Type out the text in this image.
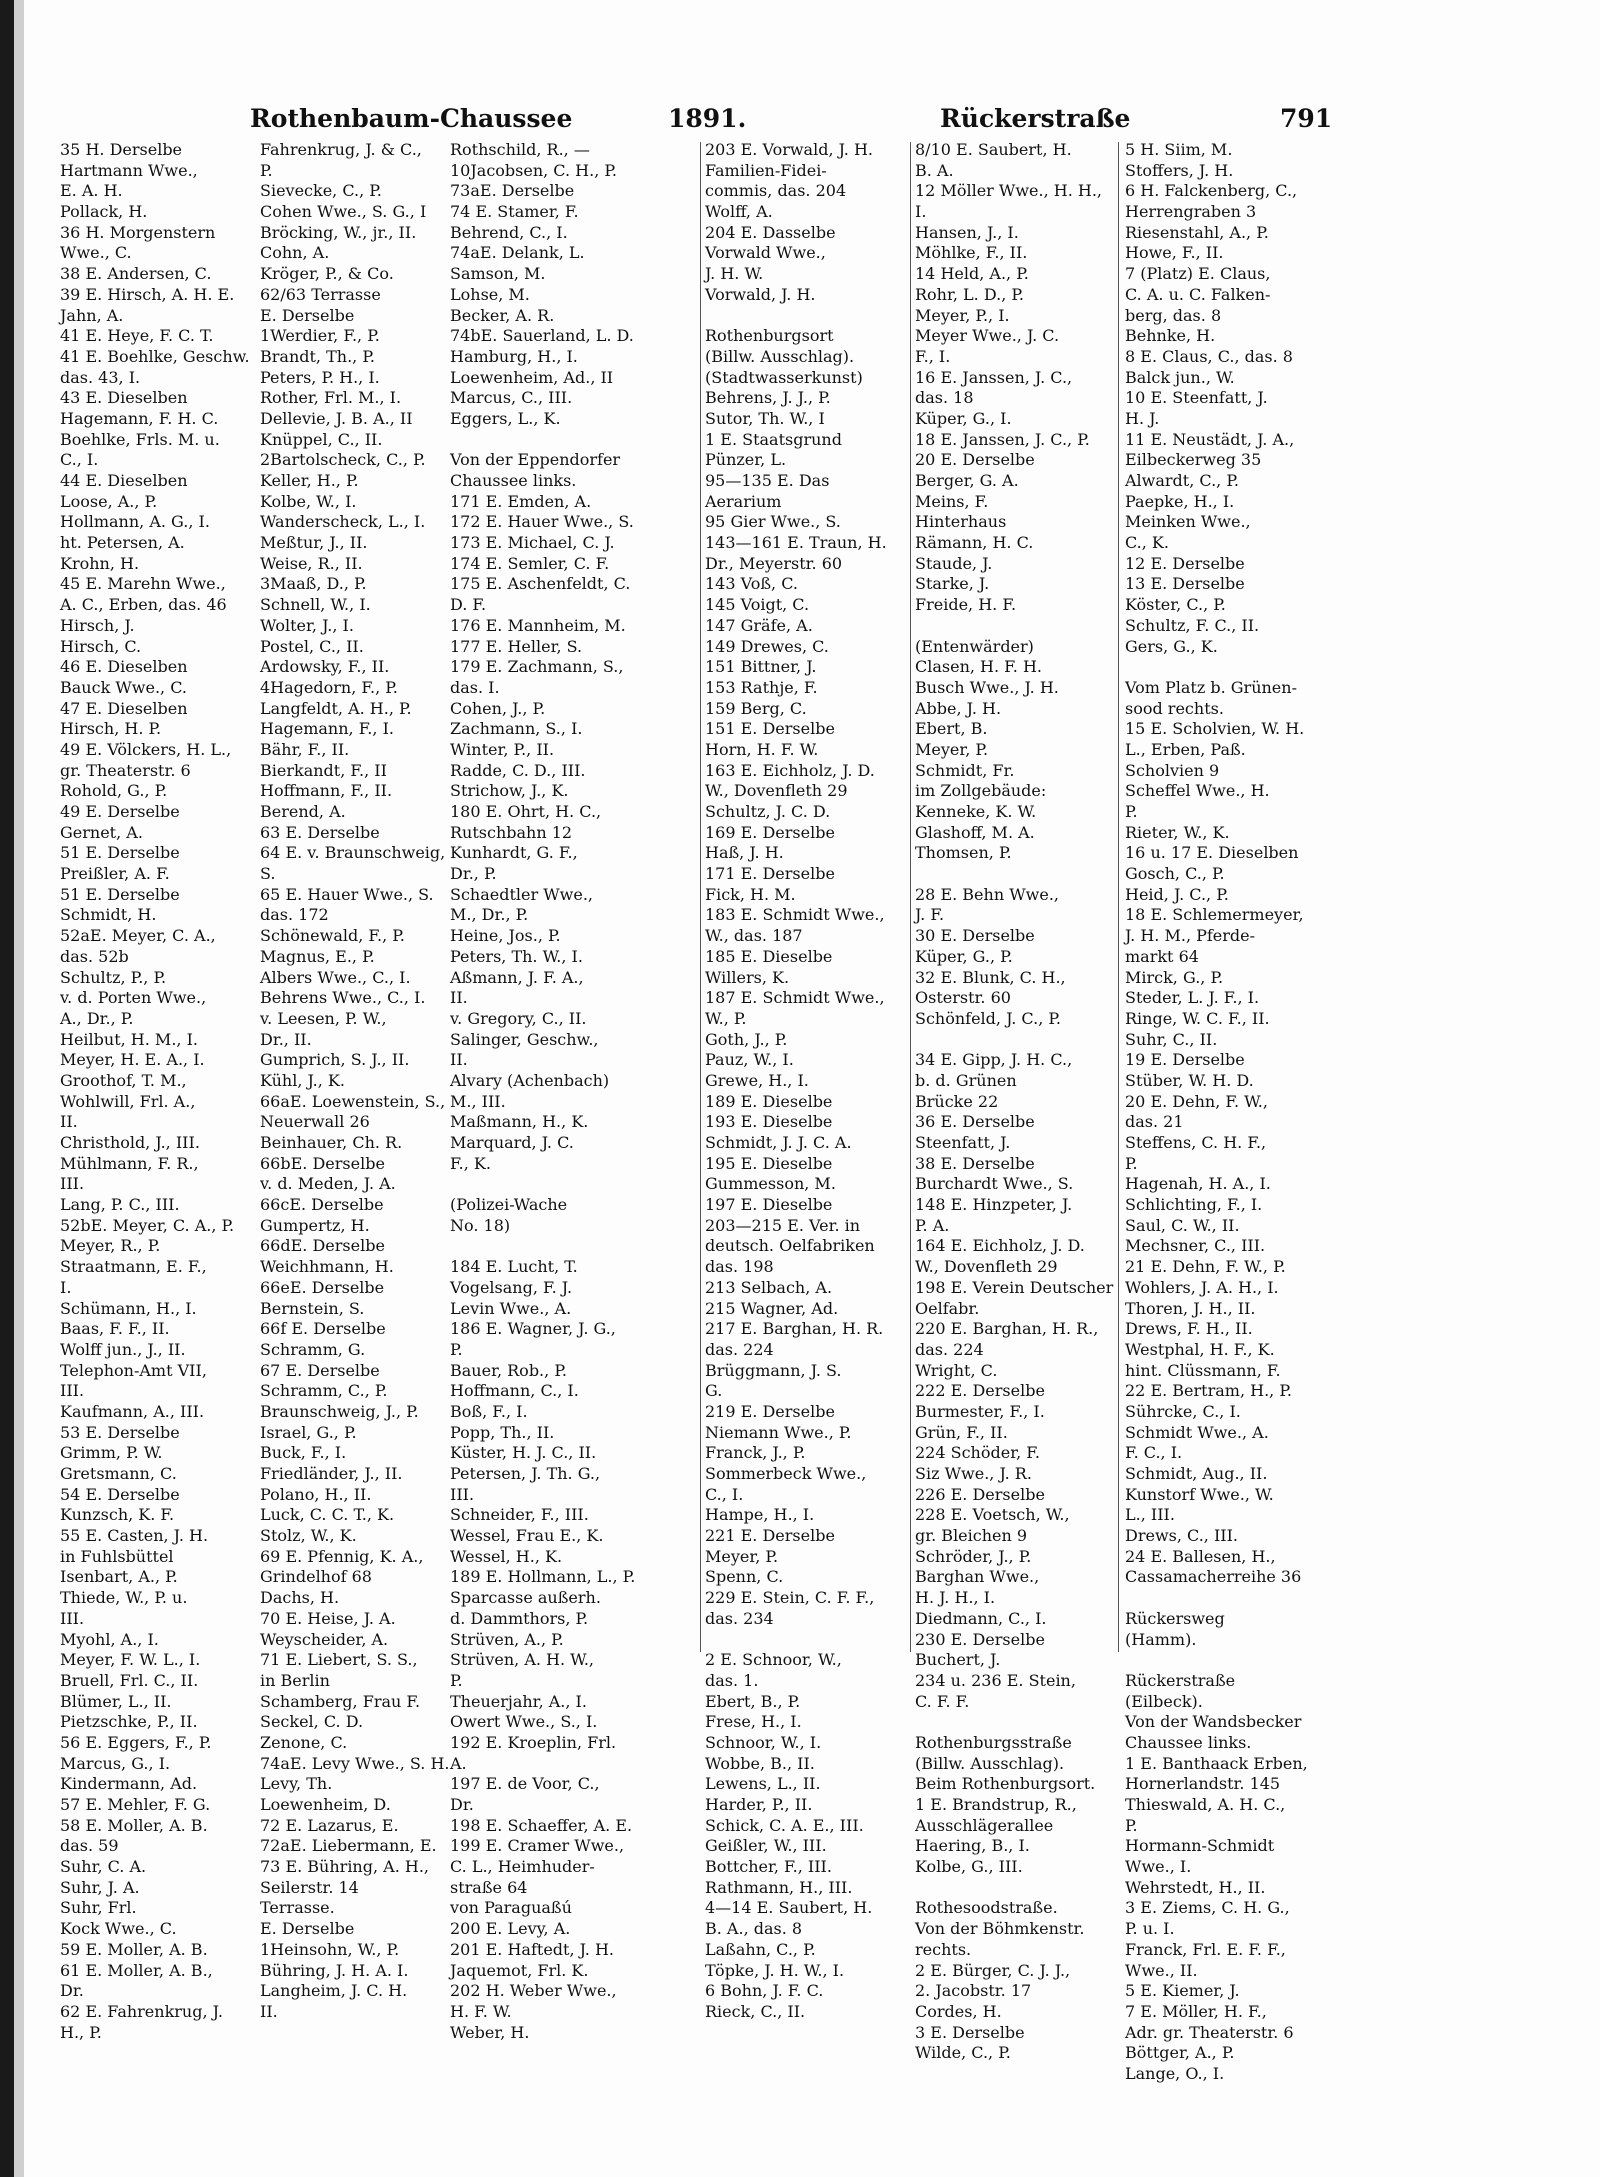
Rothenbaum-Chaussee	1891.	Rückerstraße	791
35 H. Derselbe
Hartmann Wwe.,
E. A. H.
Pollack, H.
36 H. Morgenstern
Wwe., C.
38 E. Andersen, C.
39 E. Hirsch, A. H. E.
Jahn, A.
41 E. Heye, F. C. T.
41 E. Boehlke, Geschw.
das. 43, I.
43 E. Dieselben
Hagemann, F. H. C.
Boehlke, Frls. M. u.
C., I.
44 E. Dieselben
Loose, A., P.
Hollmann, A. G., I.
ht. Petersen, A.
Krohn, H.
45 E. Marehn Wwe.,
A. C., Erben, das. 46
Hirsch, J.
Hirsch, C.
46 E. Dieselben
Bauck Wwe., C.
47 E. Dieselben
Hirsch, H. P.
49 E. Völckers, H. L.,
gr. Theaterstr. 6
Rohold, G., P.
49 E. Derselbe
Gernet, A.
51 E. Derselbe
Preißler, A. F.
51 E. Derselbe
Schmidt, H.
52aE. Meyer, C. A.,
das. 52b
Schultz, P., P.
v. d. Porten Wwe.,
A., Dr., P.
Heilbut, H. M., I.
Meyer, H. E. A., I.
Groothof, T. M.,
Wohlwill, Frl. A.,
II.
Christhold, J., III.
Mühlmann, F. R.,
III.
Lang, P. C., III.
52bE. Meyer, C. A., P.
Meyer, R., P.
Straatmann, E. F.,
I.
Schümann, H., I.
Baas, F. F., II.
Wolff jun., J., II.
Telephon-Amt VII,
III.
Kaufmann, A., III.
53 E. Derselbe
Grimm, P. W.
Gretsmann, C.
54 E. Derselbe
Kunzsch, K. F.
55 E. Casten, J. H.
in Fuhlsbüttel
Isenbart, A., P.
Thiede, W., P. u.
III.
Myohl, A., I.
Meyer, F. W. L., I.
Bruell, Frl. C., II.
Blümer, L., II.
Pietzschke, P., II.
56 E. Eggers, F., P.
Marcus, G., I.
Kindermann, Ad.
57 E. Mehler, F. G.
58 E. Moller, A. B.
das. 59
Suhr, C. A.
Suhr, J. A.
Suhr, Frl.
Kock Wwe., C.
59 E. Moller, A. B.
61 E. Moller, A. B.,
Dr.
62 E. Fahrenkrug, J.
H., P.
Fahrenkrug, J. & C.,
P.
Sievecke, C., P.
Cohen Wwe., S. G., I
Bröcking, W., jr., II.
Cohn, A.
Kröger, P., & Co.
62/63 Terrasse
E. Derselbe
1Werdier, F., P.
Brandt, Th., P.
Peters, P. H., I.
Rother, Frl. M., I.
Dellevie, J. B. A., II
Knüppel, C., II.
2Bartolscheck, C., P.
Keller, H., P.
Kolbe, W., I.
Wanderscheck, L., I.
Meßtur, J., II.
Weise, R., II.
3Maaß, D., P.
Schnell, W., I.
Wolter, J., I.
Postel, C., II.
Ardowsky, F., II.
4Hagedorn, F., P.
Langfeldt, A. H., P.
Hagemann, F., I.
Bähr, F., II.
Bierkandt, F., II
Hoffmann, F., II.
Berend, A.
63 E. Derselbe
64 E. v. Braunschweig,
S.
65 E. Hauer Wwe., S.
das. 172
Schönewald, F., P.
Magnus, E., P.
Albers Wwe., C., I.
Behrens Wwe., C., I.
v. Leesen, P. W.,
Dr., II.
Gumprich, S. J., II.
Kühl, J., K.
66aE. Loewenstein, S.,
Neuerwall 26
Beinhauer, Ch. R.
66bE. Derselbe
v. d. Meden, J. A.
66cE. Derselbe
Gumpertz, H.
66dE. Derselbe
Weichhmann, H.
66eE. Derselbe
Bernstein, S.
66f E. Derselbe
Schramm, G.
67 E. Derselbe
Schramm, C., P.
Braunschweig, J., P.
Israel, G., P.
Buck, F., I.
Friedländer, J., II.
Polano, H., II.
Luck, C. C. T., K.
Stolz, W., K.
69 E. Pfennig, K. A.,
Grindelhof 68
Dachs, H.
70 E. Heise, J. A.
Weyscheider, A.
71 E. Liebert, S. S.,
in Berlin
Schamberg, Frau F.
Seckel, C. D.
Zenone, C.
74aE. Levy Wwe., S. H.
Levy, Th.
Loewenheim, D.
72 E. Lazarus, E.
72aE. Liebermann, E.
73 E. Bühring, A. H.,
Seilerstr. 14
Terrasse.
E. Derselbe
1Heinsohn, W., P.
Bühring, J. H. A. I.
Langheim, J. C. H.
II.
Rothschild, R., —
10Jacobsen, C. H., P.
73aE. Derselbe
74 E. Stamer, F.
Behrend, C., I.
74aE. Delank, L.
Samson, M.
Lohse, M.
Becker, A. R.
74bE. Sauerland, L. D.
Hamburg, H., I.
Loewenheim, Ad., II
Marcus, C., III.
Eggers, L., K.
Von der Eppendorfer
Chaussee links.
171 E. Emden, A.
172 E. Hauer Wwe., S.
173 E. Michael, C. J.
174 E. Semler, C. F.
175 E. Aschenfeldt, C.
D. F.
176 E. Mannheim, M.
177 E. Heller, S.
179 E. Zachmann, S.,
das. I.
Cohen, J., P.
Zachmann, S., I.
Winter, P., II.
Radde, C. D., III.
Strichow, J., K.
180 E. Ohrt, H. C.,
Rutschbahn 12
Kunhardt, G. F.,
Dr., P.
Schaedtler Wwe.,
M., Dr., P.
Heine, Jos., P.
Peters, Th. W., I.
Aßmann, J. F. A.,
II.
v. Gregory, C., II.
Salinger, Geschw.,
II.
Alvary (Achenbach)
M., III.
Maßmann, H., K.
Marquard, J. C.
F., K.
(Polizei-Wache
No. 18)
184 E. Lucht, T.
Vogelsang, F. J.
Levin Wwe., A.
186 E. Wagner, J. G.,
P.
Bauer, Rob., P.
Hoffmann, C., I.
Boß, F., I.
Popp, Th., II.
Küster, H. J. C., II.
Petersen, J. Th. G.,
III.
Schneider, F., III.
Wessel, Frau E., K.
Wessel, H., K.
189 E. Hollmann, L., P.
Sparcasse außerh.
d. Dammthors, P.
Strüven, A., P.
Strüven, A. H. W.,
P.
Theuerjahr, A., I.
Owert Wwe., S., I.
192 E. Kroeplin, Frl.
A.
197 E. de Voor, C.,
Dr.
198 E. Schaeffer, A. E.
199 E. Cramer Wwe.,
C. L., Heimhuder-
straße 64
von Paraguaßú
200 E. Levy, A.
201 E. Haftedt, J. H.
Jaquemot, Frl. K.
202 H. Weber Wwe.,
H. F. W.
Weber, H.
203 E. Vorwald, J. H.
Familien-Fidei-
commis, das. 204
Wolff, A.
204 E. Dasselbe
Vorwald Wwe.,
J. H. W.
Vorwald, J. H.
Rothenburgsort
(Billw. Ausschlag).
(Stadtwasserkunst)
Behrens, J. J., P.
Sutor, Th. W., I
1 E. Staatsgrund
Pünzer, L.
95—135 E. Das
Aerarium
95 Gier Wwe., S.
143—161 E. Traun, H.
Dr., Meyerstr. 60
143 Voß, C.
145 Voigt, C.
147 Gräfe, A.
149 Drewes, C.
151 Bittner, J.
153 Rathje, F.
159 Berg, C.
151 E. Derselbe
Horn, H. F. W.
163 E. Eichholz, J. D.
W., Dovenfleth 29
Schultz, J. C. D.
169 E. Derselbe
Haß, J. H.
171 E. Derselbe
Fick, H. M.
183 E. Schmidt Wwe.,
W., das. 187
185 E. Dieselbe
Willers, K.
187 E. Schmidt Wwe.,
W., P.
Goth, J., P.
Pauz, W., I.
Grewe, H., I.
189 E. Dieselbe
193 E. Dieselbe
Schmidt, J. J. C. A.
195 E. Dieselbe
Gummesson, M.
197 E. Dieselbe
203—215 E. Ver. in
deutsch. Oelfabriken
das. 198
213 Selbach, A.
215 Wagner, Ad.
217 E. Barghan, H. R.
das. 224
Brüggmann, J. S.
G.
219 E. Derselbe
Niemann Wwe., P.
Franck, J., P.
Sommerbeck Wwe.,
C., I.
Hampe, H., I.
221 E. Derselbe
Meyer, P.
Spenn, C.
229 E. Stein, C. F. F.,
das. 234
2 E. Schnoor, W.,
das. 1.
Ebert, B., P.
Frese, H., I.
Schnoor, W., I.
Wobbe, B., II.
Lewens, L., II.
Harder, P., II.
Schick, C. A. E., III.
Geißler, W., III.
Bottcher, F., III.
Rathmann, H., III.
4—14 E. Saubert, H.
B. A., das. 8
Laßahn, C., P.
Töpke, J. H. W., I.
6 Bohn, J. F. C.
Rieck, C., II.
8/10 E. Saubert, H.
B. A.
12 Möller Wwe., H. H.,
I.
Hansen, J., I.
Möhlke, F., II.
14 Held, A., P.
Rohr, L. D., P.
Meyer, P., I.
Meyer Wwe., J. C.
F., I.
16 E. Janssen, J. C.,
das. 18
Küper, G., I.
18 E. Janssen, J. C., P.
20 E. Derselbe
Berger, G. A.
Meins, F.
Hinterhaus
Rämann, H. C.
Staude, J.
Starke, J.
Freide, H. F.
(Entenwärder)
Clasen, H. F. H.
Busch Wwe., J. H.
Abbe, J. H.
Ebert, B.
Meyer, P.
Schmidt, Fr.
im Zollgebäude:
Kenneke, K. W.
Glashoff, M. A.
Thomsen, P.
28 E. Behn Wwe.,
J. F.
30 E. Derselbe
Küper, G., P.
32 E. Blunk, C. H.,
Osterstr. 60
Schönfeld, J. C., P.
34 E. Gipp, J. H. C.,
b. d. Grünen
Brücke 22
36 E. Derselbe
Steenfatt, J.
38 E. Derselbe
Burchardt Wwe., S.
148 E. Hinzpeter, J.
P. A.
164 E. Eichholz, J. D.
W., Dovenfleth 29
198 E. Verein Deutscher
Oelfabr.
220 E. Barghan, H. R.,
das. 224
Wright, C.
222 E. Derselbe
Burmester, F., I.
Grün, F., II.
224 Schöder, F.
Siz Wwe., J. R.
226 E. Derselbe
228 E. Voetsch, W.,
gr. Bleichen 9
Schröder, J., P.
Barghan Wwe.,
H. J. H., I.
Diedmann, C., I.
230 E. Derselbe
Buchert, J.
234 u. 236 E. Stein,
C. F. F.
Rothenburgsstraße
(Billw. Ausschlag).
Beim Rothenburgsort.
1 E. Brandstrup, R.,
Ausschlägerallee
Haering, B., I.
Kolbe, G., III.
Rothesoodstraße.
Von der Böhmkenstr.
rechts.
2 E. Bürger, C. J. J.,
2. Jacobstr. 17
Cordes, H.
3 E. Derselbe
Wilde, C., P.
5 H. Siim, M.
Stoffers, J. H.
6 H. Falckenberg, C.,
Herrengraben 3
Riesenstahl, A., P.
Howe, F., II.
7 (Platz) E. Claus,
C. A. u. C. Falken-
berg, das. 8
Behnke, H.
8 E. Claus, C., das. 8
Balck jun., W.
10 E. Steenfatt, J.
H. J.
11 E. Neustädt, J. A.,
Eilbeckerweg 35
Alwardt, C., P.
Paepke, H., I.
Meinken Wwe.,
C., K.
12 E. Derselbe
13 E. Derselbe
Köster, C., P.
Schultz, F. C., II.
Gers, G., K.
Vom Platz b. Grünen-
sood rechts.
15 E. Scholvien, W. H.
L., Erben, Paß.
Scholvien 9
Scheffel Wwe., H.
P.
Rieter, W., K.
16 u. 17 E. Dieselben
Gosch, C., P.
Heid, J. C., P.
18 E. Schlemermeyer,
J. H. M., Pferde-
markt 64
Mirck, G., P.
Steder, L. J. F., I.
Ringe, W. C. F., II.
Suhr, C., II.
19 E. Derselbe
Stüber, W. H. D.
20 E. Dehn, F. W.,
das. 21
Steffens, C. H. F.,
P.
Hagenah, H. A., I.
Schlichting, F., I.
Saul, C. W., II.
Mechsner, C., III.
21 E. Dehn, F. W., P.
Wohlers, J. A. H., I.
Thoren, J. H., II.
Drews, F. H., II.
Westphal, H. F., K.
hint. Clüssmann, F.
22 E. Bertram, H., P.
Sührcke, C., I.
Schmidt Wwe., A.
F. C., I.
Schmidt, Aug., II.
Kunstorf Wwe., W.
L., III.
Drews, C., III.
24 E. Ballesen, H.,
Cassamacherreihe 36
Rückersweg
(Hamm).
Rückerstraße
(Eilbeck).
Von der Wandsbecker
Chaussee links.
1 E. Banthaack Erben,
Hornerlandstr. 145
Thieswald, A. H. C.,
P.
Hormann-Schmidt
Wwe., I.
Wehrstedt, H., II.
3 E. Ziems, C. H. G.,
P. u. I.
Franck, Frl. E. F. F.,
Wwe., II.
5 E. Kiemer, J.
7 E. Möller, H. F.,
Adr. gr. Theaterstr. 6
Böttger, A., P.
Lange, O., I.
